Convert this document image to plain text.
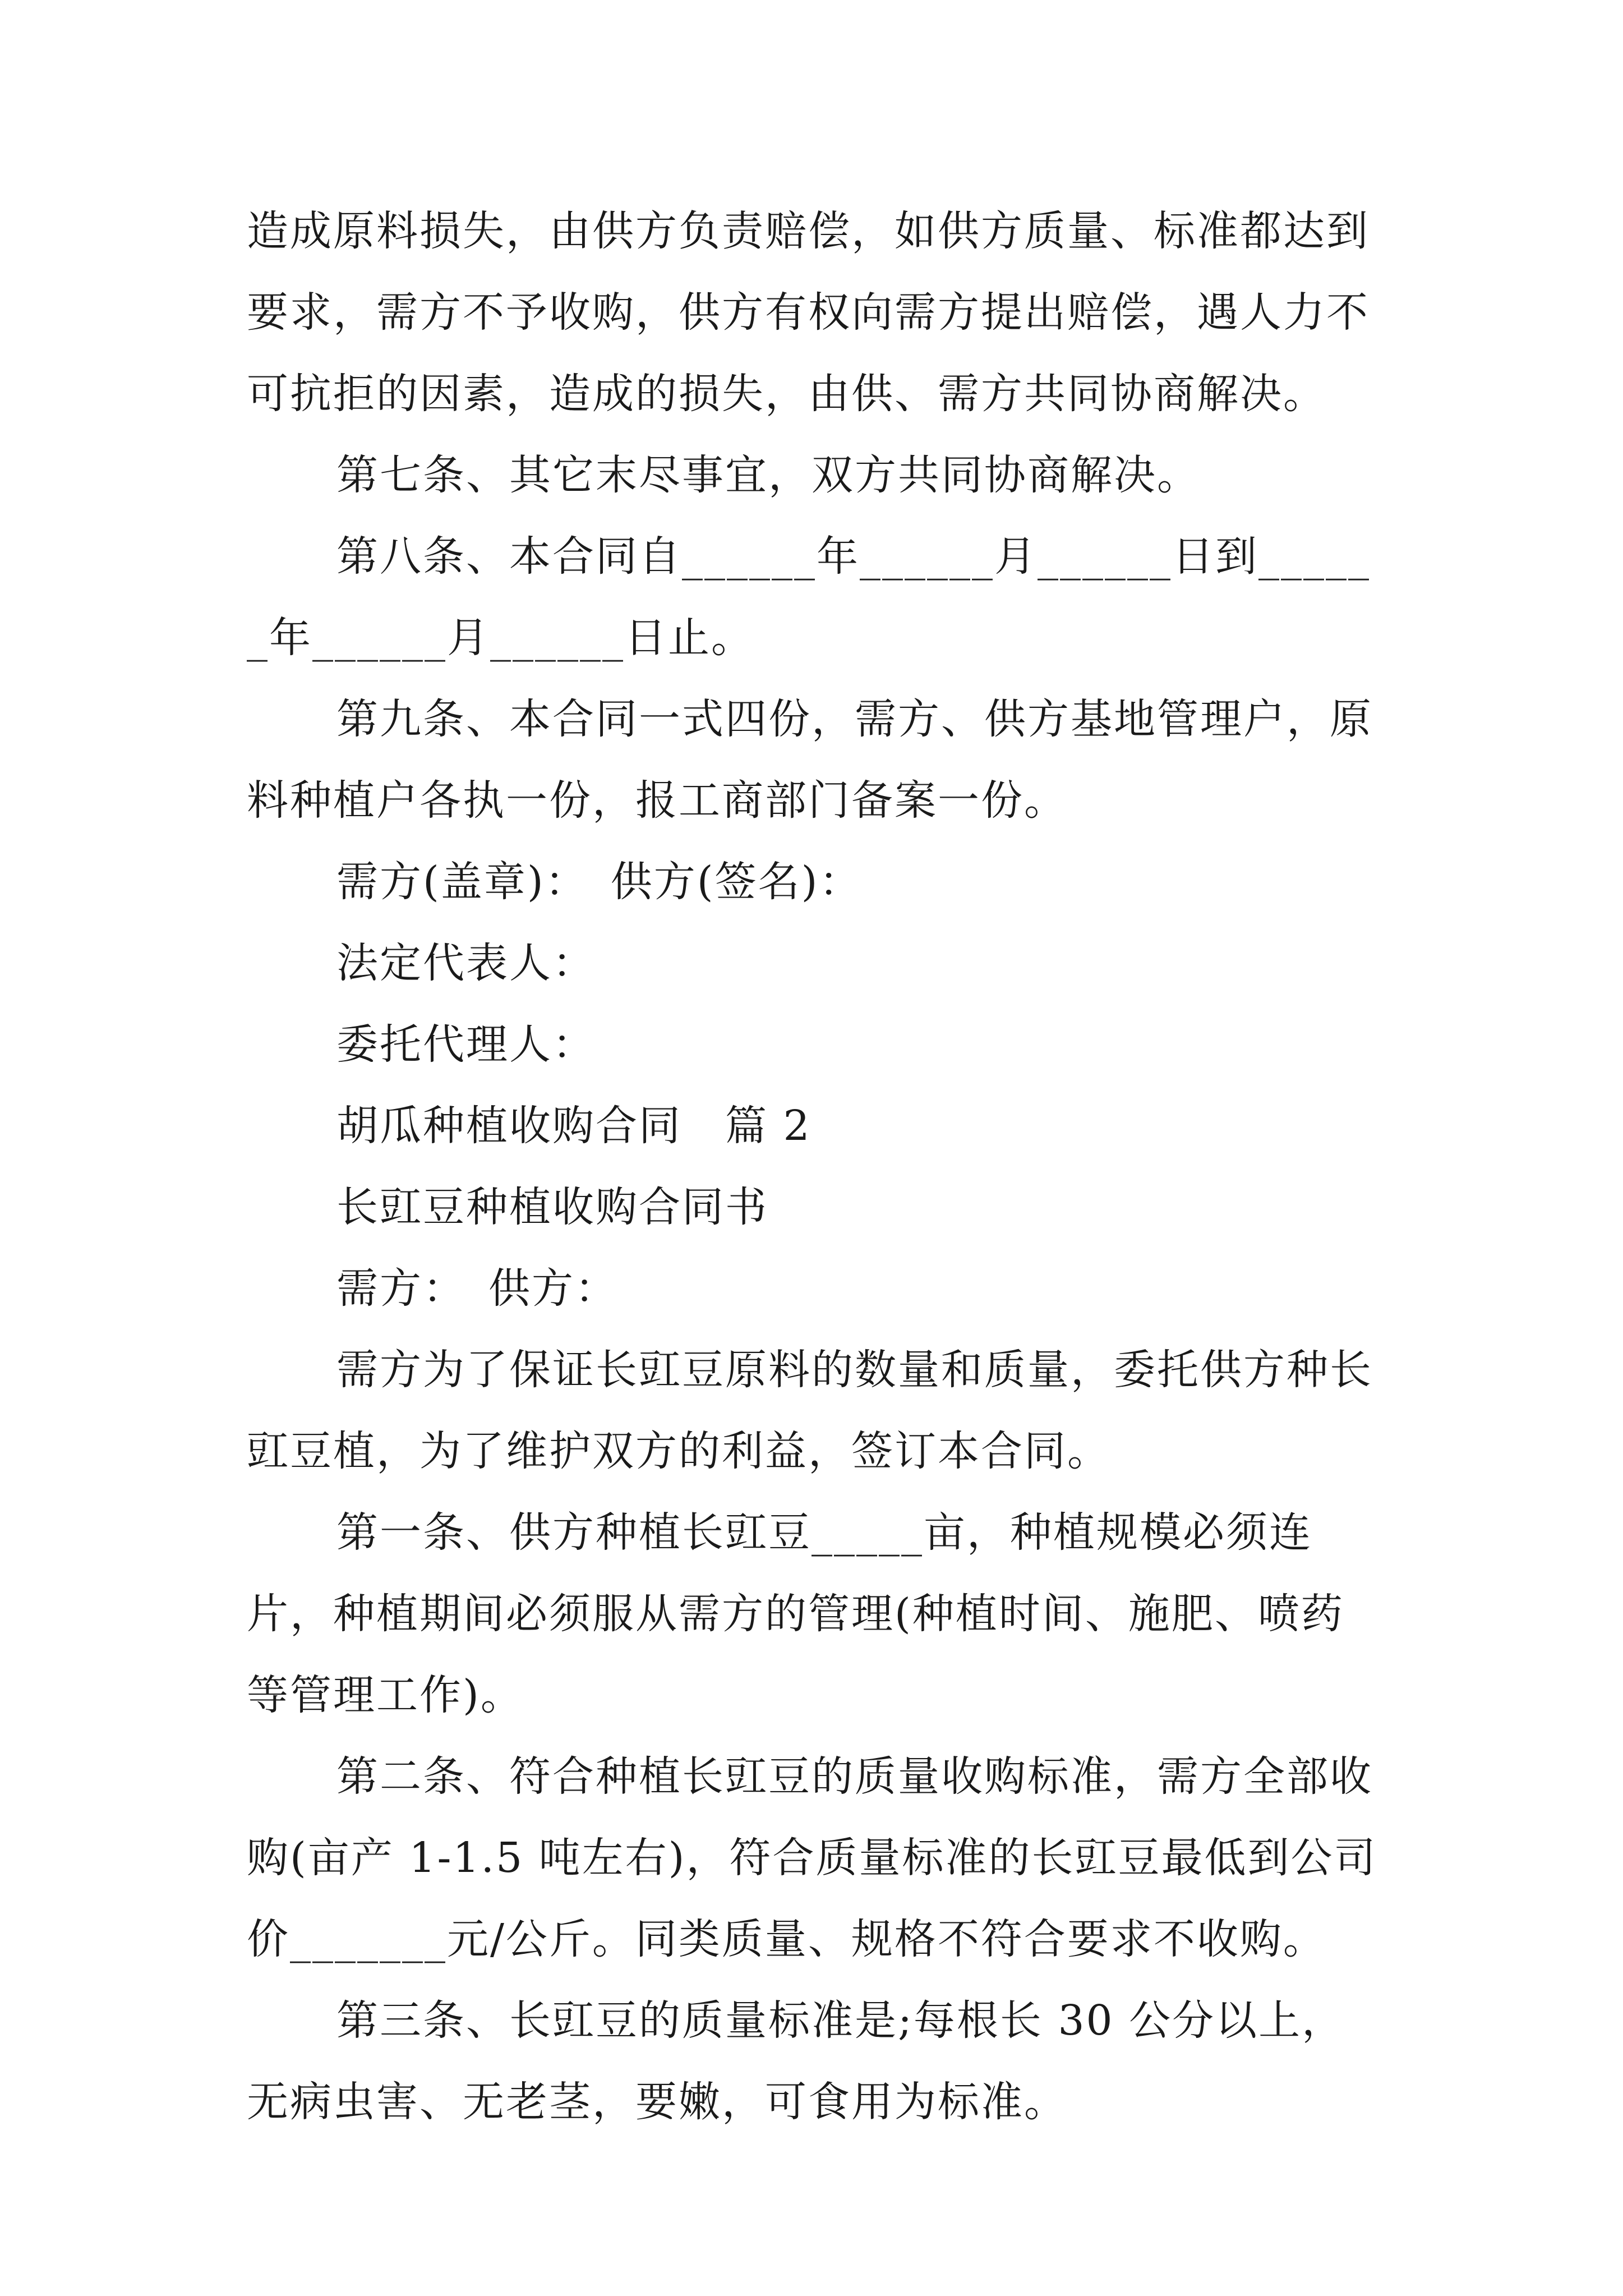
造成原料损失，由供方负责赔偿，如供方质量、标准都达到要求，需方不予收购，供方有权向需方提出赔偿，遇人力不可抗拒的因素，造成的损失，由供、需方共同协商解决。

第七条、其它末尽事宜，双方共同协商解决。

第八条、本合同自______年______月______日到______年______月______日止。

第九条、本合同一式四份，需方、供方基地管理户，原料种植户各执一份，报工商部门备案一份。

需方(盖章)：　供方(签名)：

法定代表人：

委托代理人：

胡瓜种植收购合同　篇 2

长豇豆种植收购合同书

需方：　供方：

需方为了保证长豇豆原料的数量和质量，委托供方种长豇豆植，为了维护双方的利益，签订本合同。

第一条、供方种植长豇豆_____亩，种植规模必须连片，种植期间必须服从需方的管理(种植时间、施肥、喷药等管理工作)。

第二条、符合种植长豇豆的质量收购标准，需方全部收购(亩产 1-1.5 吨左右)，符合质量标准的长豇豆最低到公司价_______元/公斤。同类质量、规格不符合要求不收购。

第三条、长豇豆的质量标准是;每根长 30 公分以上，无病虫害、无老茎，要嫩，可食用为标准。
